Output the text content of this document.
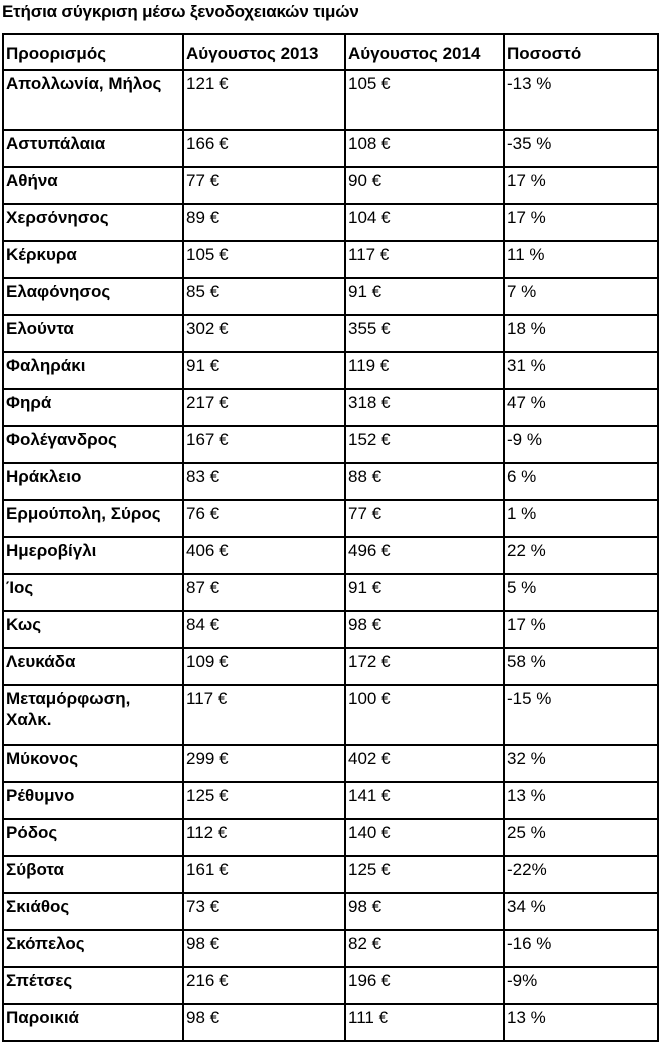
Ετήσια σύγκριση μέσω ξενοδοχειακών τιμών
Προορισμός	Αύγουστος 2013	Αύγουστος 2014	Ποσοστό
Απολλωνία, Μήλος	121 €	105 €	-13 %
Αστυπάλαια	166 €	108 €	-35 %
Αθήνα	77 €	90 €	17 %
Χερσόνησος	89 €	104 €	17 %
Κέρκυρα	105 €	117 €	11 %
Ελαφόνησος	85 €	91 €	7 %
Ελούντα	302 €	355 €	18 %
Φαληράκι	91 €	119 €	31 %
Φηρά	217 €	318 €	47 %
Φολέγανδρος	167 €	152 €	-9 %
Ηράκλειο	83 €	88 €	6 %
Ερμούπολη, Σύρος	76 €	77 €	1 %
Ημεροβίγλι	406 €	496 €	22 %
Ίος	87 €	91 €	5 %
Κως	84 €	98 €	17 %
Λευκάδα	109 €	172 €	58 %
Μεταμόρφωση, Χαλκ.	117 €	100 €	-15 %
Μύκονος	299 €	402 €	32 %
Ρέθυμνο	125 €	141 €	13 %
Ρόδος	112 €	140 €	25 %
Σύβοτα	161 €	125 €	-22%
Σκιάθος	73 €	98 €	34 %
Σκόπελος	98 €	82 €	-16 %
Σπέτσες	216 €	196 €	-9%
Παροικιά	98 €	111 €	13 %
